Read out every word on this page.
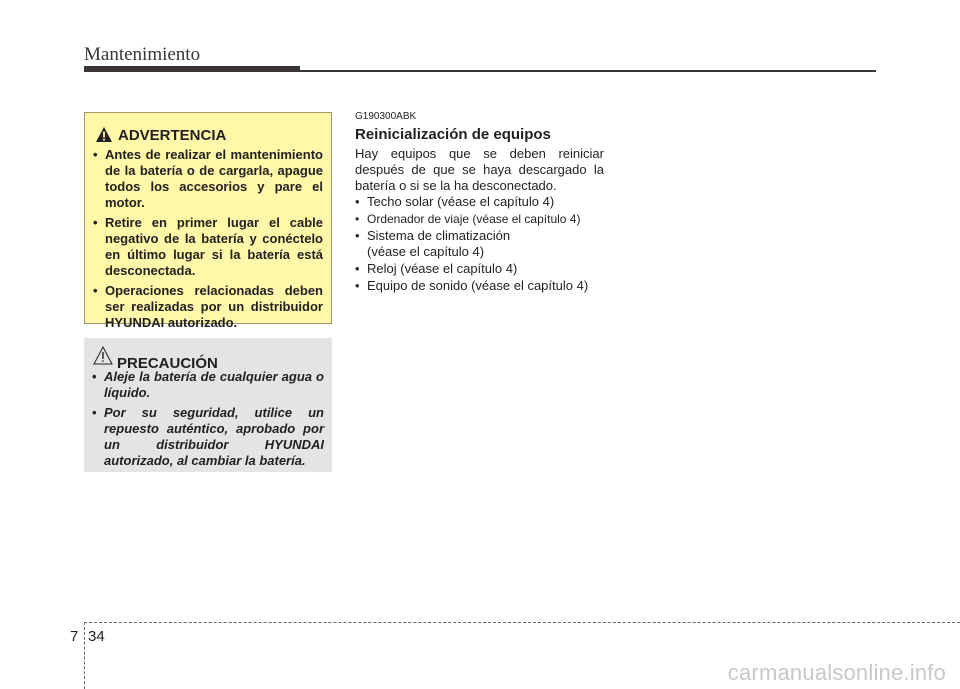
Mantenimiento
ADVERTENCIA
• Antes de realizar el mantenimiento de la batería o de cargarla, apague todos los accesorios y pare el motor.
• Retire en primer lugar el cable negativo de la batería y conéctelo en último lugar si la batería está desconectada.
• Operaciones relacionadas deben ser realizadas por un distribuidor HYUNDAI autorizado.
PRECAUCIÓN
• Aleje la batería de cualquier agua o líquido.
• Por su seguridad, utilice un repuesto auténtico, aprobado por un distribuidor HYUNDAI autorizado, al cambiar la batería.
G190300ABK
Reinicialización de equipos
Hay equipos que se deben reiniciar después de que se haya descargado la batería o si se la ha desconectado.
• Techo solar (véase el capítulo 4)
• Ordenador de viaje (véase el capítulo 4)
• Sistema de climatización
(véase el capítulo 4)
• Reloj (véase el capítulo 4)
• Equipo de sonido (véase el capítulo 4)
7 34
carmanualsonline.info
